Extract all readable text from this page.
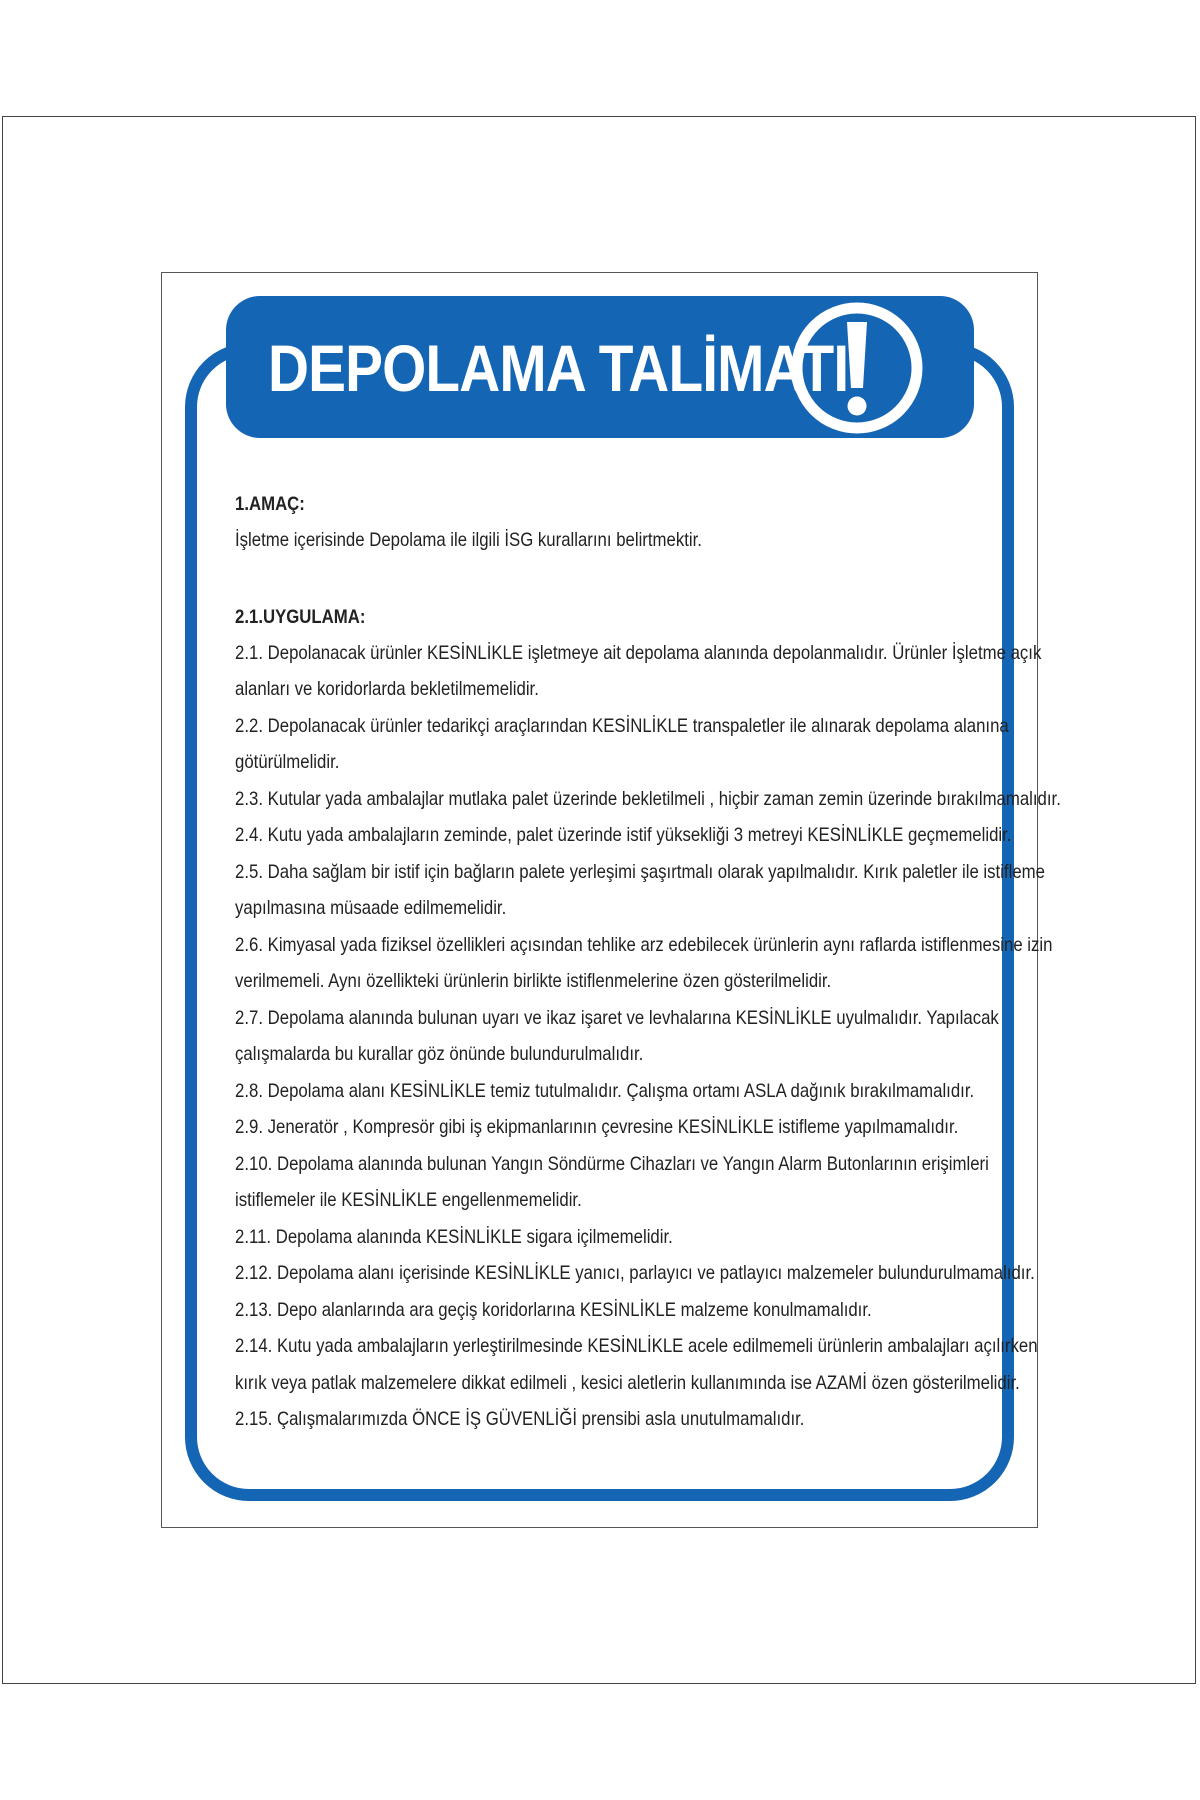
DEPOLAMA TALİMATI
1.AMAÇ:
İşletme içerisinde Depolama ile ilgili İSG kurallarını belirtmektir.
2.1.UYGULAMA:
2.1. Depolanacak ürünler KESİNLİKLE işletmeye ait depolama alanında depolanmalıdır. Ürünler İşletme açık
alanları ve koridorlarda bekletilmemelidir.
2.2. Depolanacak ürünler tedarikçi araçlarından KESİNLİKLE transpaletler ile alınarak depolama alanına
götürülmelidir.
2.3. Kutular yada ambalajlar mutlaka palet üzerinde bekletilmeli , hiçbir zaman zemin üzerinde bırakılmamalıdır.
2.4. Kutu yada ambalajların zeminde, palet üzerinde istif yüksekliği 3 metreyi KESİNLİKLE geçmemelidir.
2.5. Daha sağlam bir istif için bağların palete yerleşimi şaşırtmalı olarak yapılmalıdır. Kırık paletler ile istifleme
yapılmasına müsaade edilmemelidir.
2.6. Kimyasal yada fiziksel özellikleri açısından tehlike arz edebilecek ürünlerin aynı raflarda istiflenmesine izin
verilmemeli. Aynı özellikteki ürünlerin birlikte istiflenmelerine özen gösterilmelidir.
2.7. Depolama alanında bulunan uyarı ve ikaz işaret ve levhalarına KESİNLİKLE uyulmalıdır. Yapılacak
çalışmalarda bu kurallar göz önünde bulundurulmalıdır.
2.8. Depolama alanı KESİNLİKLE temiz tutulmalıdır. Çalışma ortamı ASLA dağınık bırakılmamalıdır.
2.9. Jeneratör , Kompresör gibi iş ekipmanlarının çevresine KESİNLİKLE istifleme yapılmamalıdır.
2.10. Depolama alanında bulunan Yangın Söndürme Cihazları ve Yangın Alarm Butonlarının erişimleri
istiflemeler ile KESİNLİKLE engellenmemelidir.
2.11. Depolama alanında KESİNLİKLE sigara içilmemelidir.
2.12. Depolama alanı içerisinde KESİNLİKLE yanıcı, parlayıcı ve patlayıcı malzemeler bulundurulmamalıdır.
2.13. Depo alanlarında ara geçiş koridorlarına KESİNLİKLE malzeme konulmamalıdır.
2.14. Kutu yada ambalajların yerleştirilmesinde KESİNLİKLE acele edilmemeli ürünlerin ambalajları açılırken
kırık veya patlak malzemelere dikkat edilmeli , kesici aletlerin kullanımında ise AZAMİ özen gösterilmelidir.
2.15. Çalışmalarımızda ÖNCE İŞ GÜVENLİĞİ prensibi asla unutulmamalıdır.
